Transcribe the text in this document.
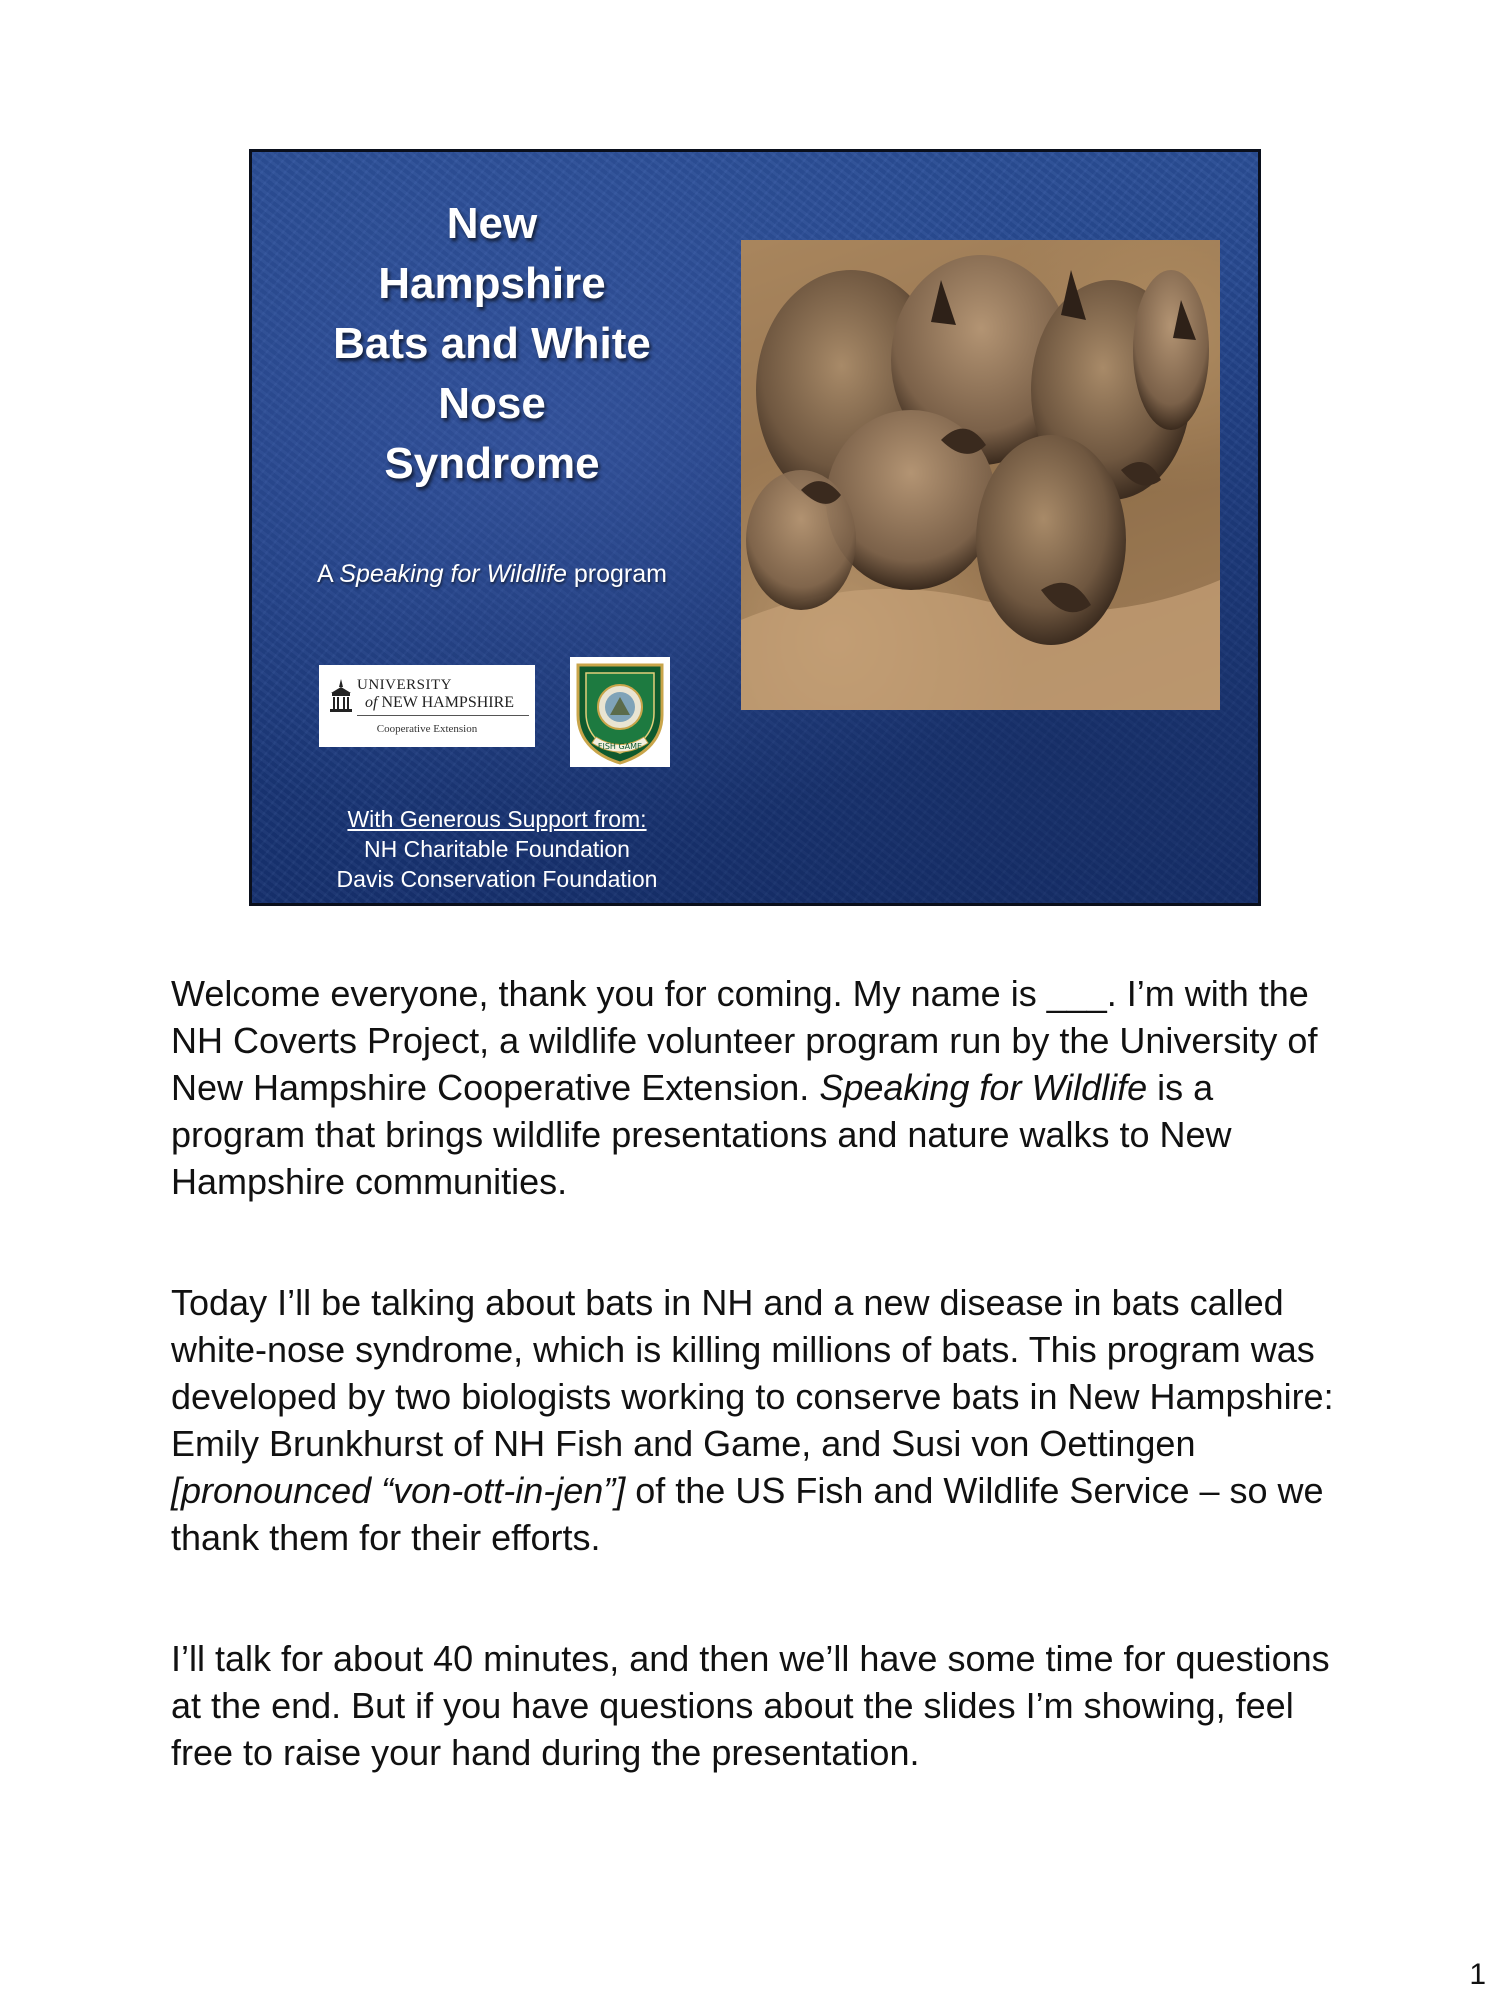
New
Hampshire
Bats and White
Nose
Syndrome
A Speaking for Wildlife program
UNIVERSITY
of NEW HAMPSHIRE
Cooperative Extension
FISH GAME
With Generous Support from:
NH Charitable Foundation
Davis Conservation Foundation

Welcome everyone, thank you for coming. My name is ___. I’m with the NH Coverts Project, a wildlife volunteer program run by the University of New Hampshire Cooperative Extension. Speaking for Wildlife is a program that brings wildlife presentations and nature walks to New Hampshire communities.

Today I’ll be talking about bats in NH and a new disease in bats called white-nose syndrome, which is killing millions of bats. This program was developed by two biologists working to conserve bats in New Hampshire: Emily Brunkhurst of NH Fish and Game, and Susi von Oettingen [pronounced “von-ott-in-jen”] of the US Fish and Wildlife Service – so we thank them for their efforts.

I’ll talk for about 40 minutes, and then we’ll have some time for questions at the end. But if you have questions about the slides I’m showing, feel free to raise your hand during the presentation.

1
